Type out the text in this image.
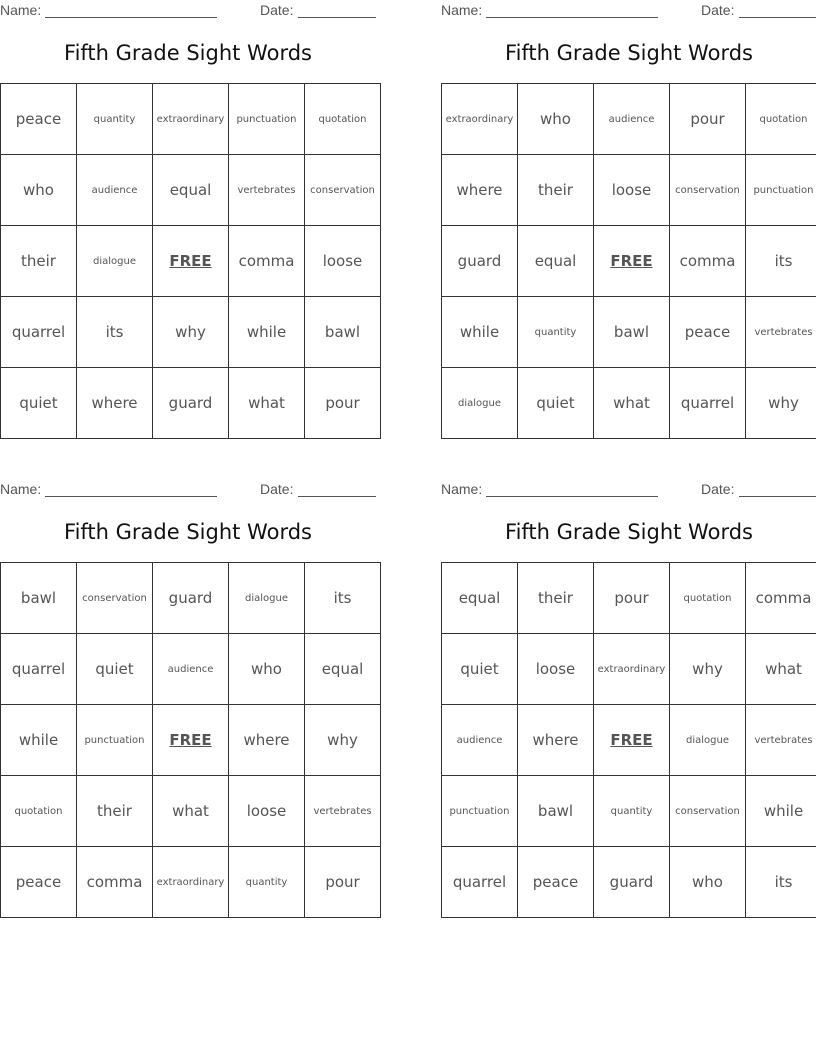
Name:	Date:
Fifth Grade Sight Words
peace	quantity	extraordinary	punctuation	quotation
who	audience	equal	vertebrates	conservation
their	dialogue	FREE	comma	loose
quarrel	its	why	while	bawl
quiet	where	guard	what	pour
Name:	Date:
Fifth Grade Sight Words
extraordinary	who	audience	pour	quotation
where	their	loose	conservation	punctuation
guard	equal	FREE	comma	its
while	quantity	bawl	peace	vertebrates
dialogue	quiet	what	quarrel	why
Name:	Date:
Fifth Grade Sight Words
bawl	conservation	guard	dialogue	its
quarrel	quiet	audience	who	equal
while	punctuation	FREE	where	why
quotation	their	what	loose	vertebrates
peace	comma	extraordinary	quantity	pour
Name:	Date:
Fifth Grade Sight Words
equal	their	pour	quotation	comma
quiet	loose	extraordinary	why	what
audience	where	FREE	dialogue	vertebrates
punctuation	bawl	quantity	conservation	while
quarrel	peace	guard	who	its
